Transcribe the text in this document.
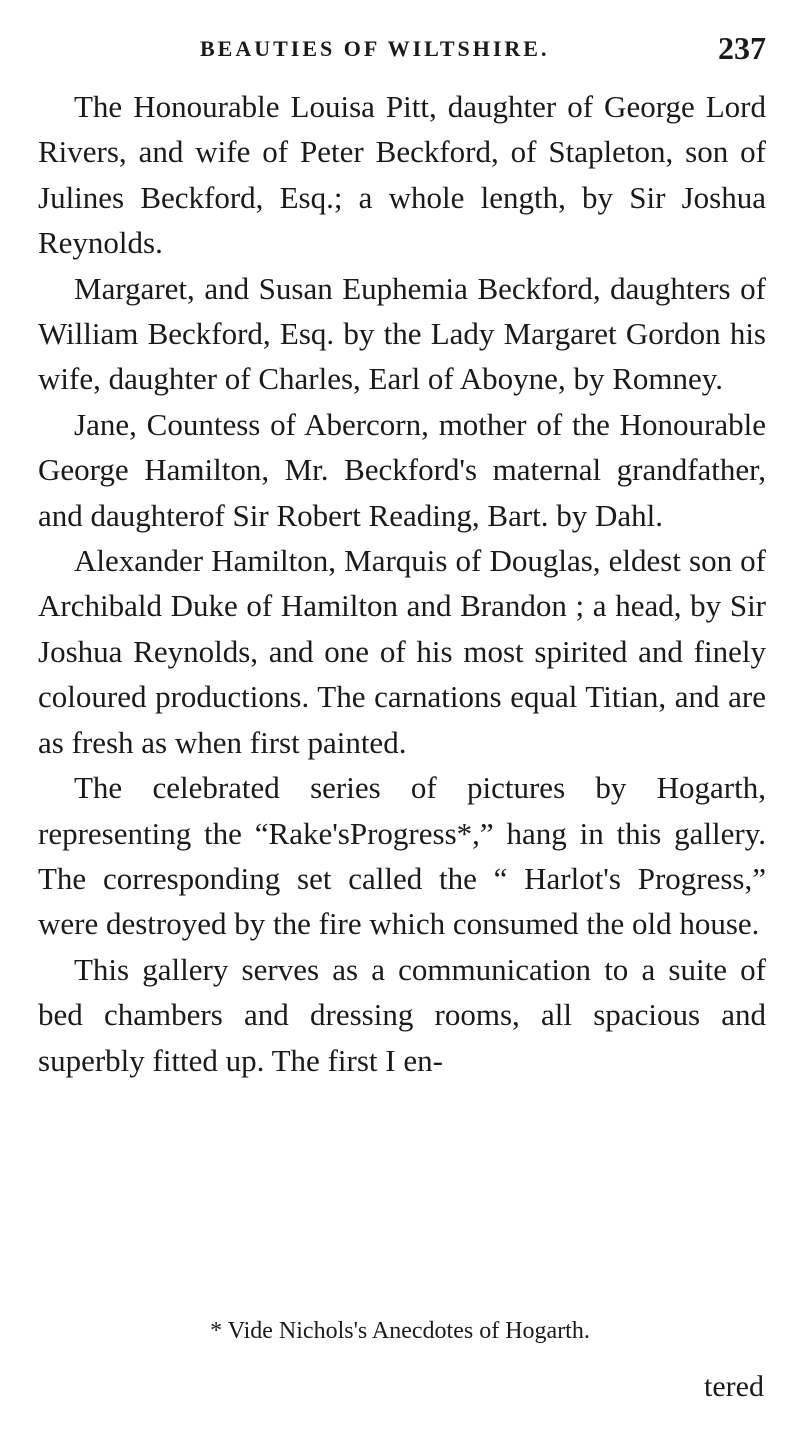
BEAUTIES OF WILTSHIRE.	237

The Honourable Louisa Pitt, daughter of George Lord Rivers, and wife of Peter Beckford, of Stapleton, son of Julines Beckford, Esq.; a whole length, by Sir Joshua Reynolds.

Margaret, and Susan Euphemia Beckford, daughters of William Beckford, Esq. by the Lady Margaret Gordon his wife, daughter of Charles, Earl of Aboyne, by Romney.

Jane, Countess of Abercorn, mother of the Honourable George Hamilton, Mr. Beckford's maternal grandfather, and daughterof Sir Robert Reading, Bart. by Dahl.

Alexander Hamilton, Marquis of Douglas, eldest son of Archibald Duke of Hamilton and Brandon ; a head, by Sir Joshua Reynolds, and one of his most spirited and finely coloured productions. The carnations equal Titian, and are as fresh as when first painted.

The celebrated series of pictures by Hogarth, representing the “Rake'sProgress*,” hang in this gallery. The corresponding set called the “ Harlot's Progress,” were destroyed by the fire which consumed the old house.

This gallery serves as a communication to a suite of bed chambers and dressing rooms, all spacious and superbly fitted up. The first I en-

* Vide Nichols's Anecdotes of Hogarth.
tered
